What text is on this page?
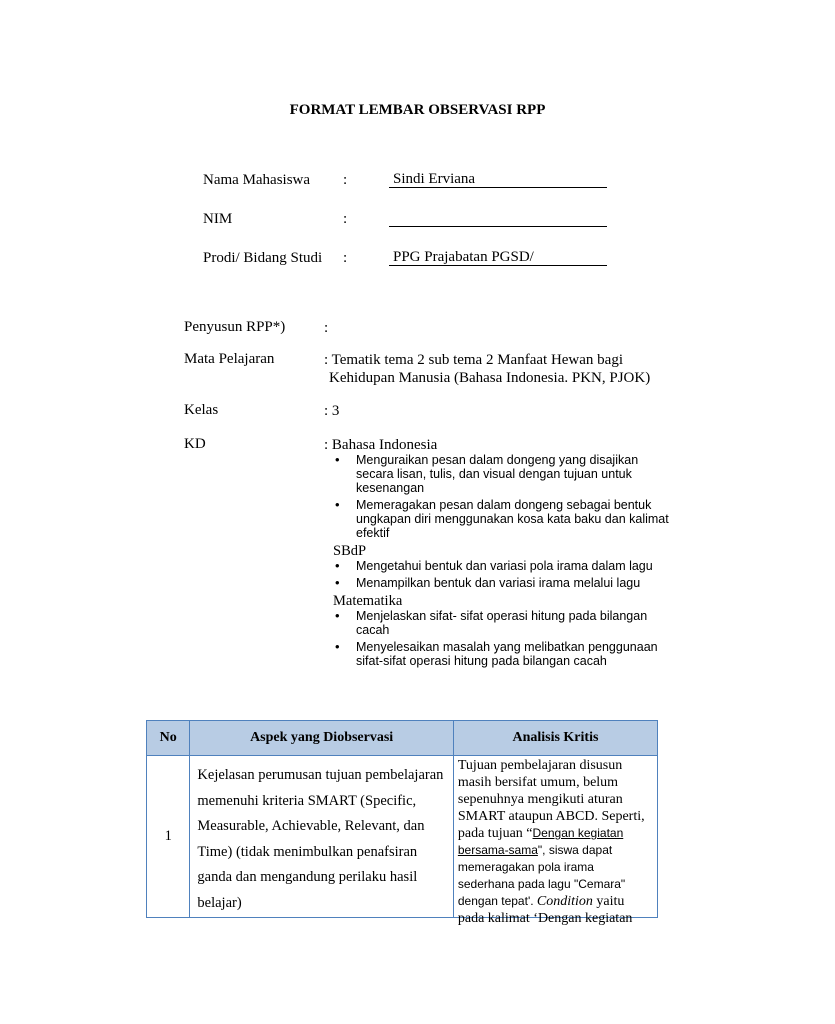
FORMAT LEMBAR OBSERVASI RPP
Nama Mahasiswa :	Sindi Erviana
NIM	:
Prodi/ Bidang Studi :	PPG Prajabatan PGSD/
Penyusun RPP*)	:
Mata Pelajaran	: Tematik tema 2 sub tema 2 Manfaat Hewan bagi
Kehidupan Manusia (Bahasa Indonesia. PKN, PJOK)
Kelas	: 3
KD	: Bahasa Indonesia
• Menguraikan pesan dalam dongeng yang disajikan secara lisan, tulis, dan visual dengan tujuan untuk kesenangan
• Memeragakan pesan dalam dongeng sebagai bentuk ungkapan diri menggunakan kosa kata baku dan kalimat efektif
SBdP
• Mengetahui bentuk dan variasi pola irama dalam lagu
• Menampilkan bentuk dan variasi irama melalui lagu
Matematika
• Menjelaskan sifat- sifat operasi hitung pada bilangan cacah
• Menyelesaikan masalah yang melibatkan penggunaan sifat-sifat operasi hitung pada bilangan cacah
No	Aspek yang Diobservasi	Analisis Kritis
1	Kejelasan perumusan tujuan pembelajaran memenuhi kriteria SMART (Specific, Measurable, Achievable, Relevant, dan Time) (tidak menimbulkan penafsiran ganda dan mengandung perilaku hasil belajar)	Tujuan pembelajaran disusun masih bersifat umum, belum sepenuhnya mengikuti aturan SMART ataupun ABCD. Seperti, pada tujuan “Dengan kegiatan bersama-sama", siswa dapat memeragakan pola irama sederhana pada lagu "Cemara" dengan tepat'. Condition yaitu pada kalimat ‘Dengan kegiatan
